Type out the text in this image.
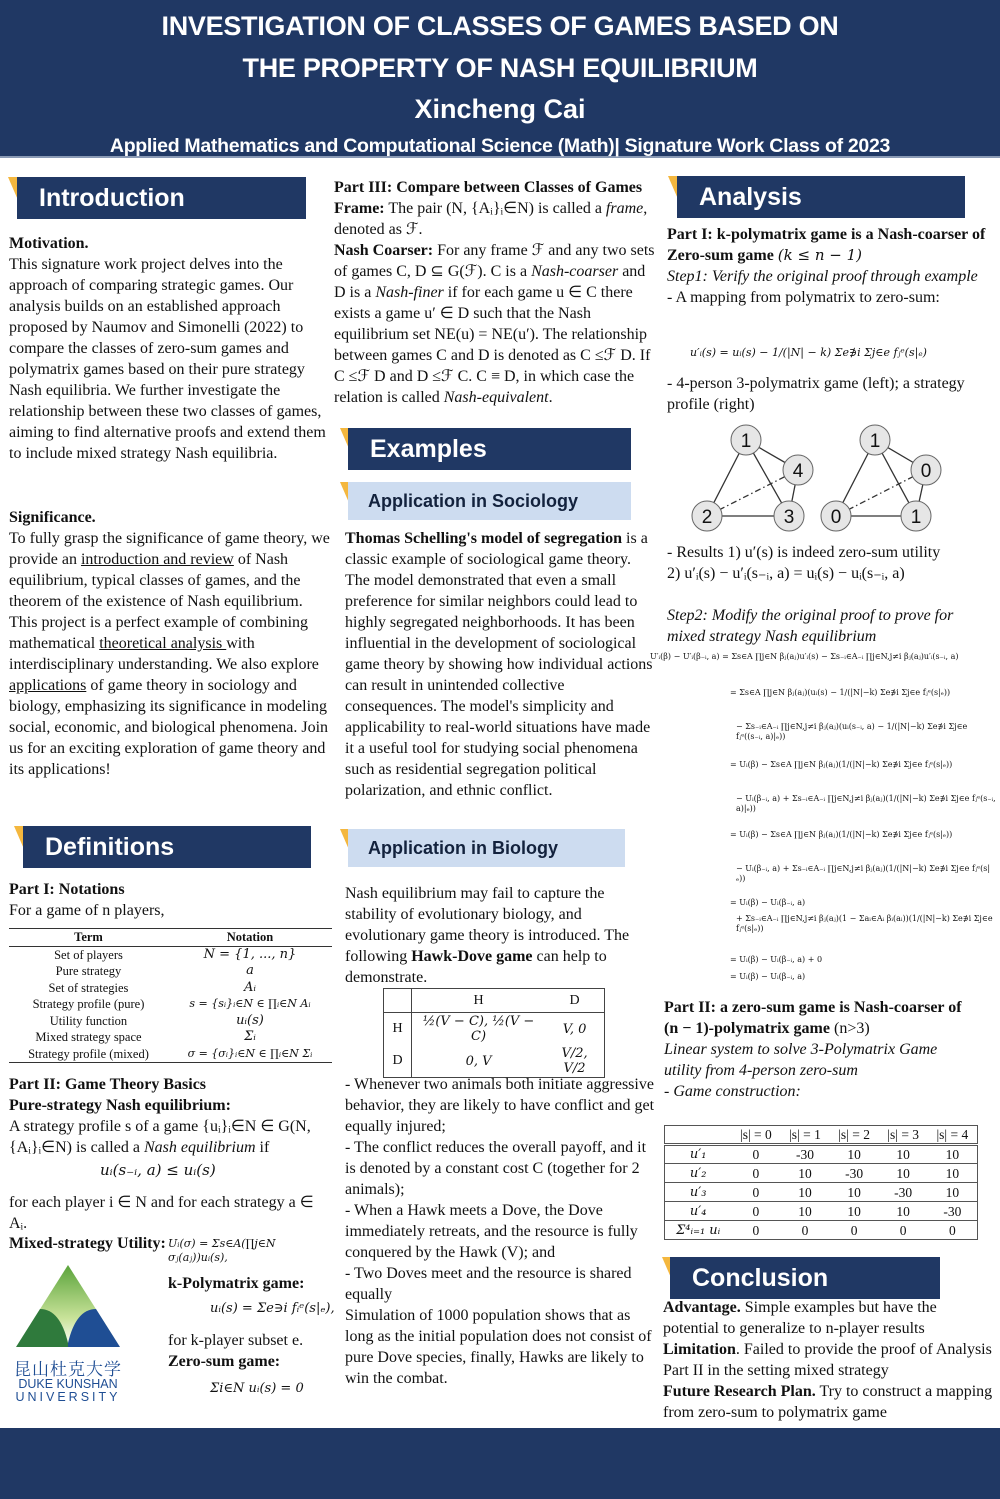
INVESTIGATION OF CLASSES OF GAMES BASED ON
THE PROPERTY OF NASH EQUILIBRIUM
Xincheng Cai
Applied Mathematics and Computational Science (Math)| Signature Work Class of 2023
Introduction
Motivation.
This signature work project delves into the approach of comparing strategic games. Our analysis builds on an established approach proposed by Naumov and Simonelli (2022) to compare the classes of zero-sum games and polymatrix games based on their pure strategy Nash equilibria. We further investigate the relationship between these two classes of games, aiming to find alternative proofs and extend them to include mixed strategy Nash equilibria.
Significance.
To fully grasp the significance of game theory, we provide an introduction and review of Nash equilibrium, typical classes of games, and the theorem of the existence of Nash equilibrium. This project is a perfect example of combining mathematical theoretical analysis with interdisciplinary understanding. We also explore applications of game theory in sociology and biology, emphasizing its significance in modeling social, economic, and biological phenomena. Join us for an exciting exploration of game theory and its applications!
Definitions
Part I: Notations
For a game of n players,
Term	Notation
Set of players	N = {1, ..., n}
Pure strategy	a
Set of strategies	Aᵢ
Strategy profile (pure)	s = {sᵢ}ᵢ∈N ∈ ∏ᵢ∈N Aᵢ
Utility function	uᵢ(s)
Mixed strategy space	Σᵢ
Strategy profile (mixed)	σ = {σᵢ}ᵢ∈N ∈ ∏ᵢ∈N Σᵢ
Part II: Game Theory Basics
Pure-strategy Nash equilibrium:
A strategy profile s of a game {uᵢ}ᵢ∈N ∈ G(N,{Aᵢ}ᵢ∈N) is called a Nash equilibrium if
uᵢ(s₋ᵢ, a) ≤ uᵢ(s)
for each player i ∈ N and for each strategy a ∈ Aᵢ.
Mixed-strategy Utility: Uᵢ(σ) = Σs∈A(∏j∈N σⱼ(aⱼ))uᵢ(s),
k-Polymatrix game:
uᵢ(s) = Σe∋i fᵢᵉ(s|ₑ),
for k-player subset e.
Zero-sum game:
Σi∈N uᵢ(s) = 0
昆山杜克大学
DUKE KUNSHAN
UNIVERSITY
Part III: Compare between Classes of Games
Frame: The pair (N, {Aᵢ}ᵢ∈N) is called a frame, denoted as ℱ.
Nash Coarser: For any frame ℱ and any two sets of games C, D ⊆ G(ℱ). C is a Nash-coarser and D is a Nash-finer if for each game u ∈ C there exists a game u′ ∈ D such that the Nash equilibrium set NE(u) = NE(u′). The relationship between games C and D is denoted as C ≤ℱ D. If C ≤ℱ D and D ≤ℱ C. C ≡ D, in which case the relation is called Nash-equivalent.
Examples
Application in Sociology
Thomas Schelling's model of segregation is a classic example of sociological game theory. The model demonstrated that even a small preference for similar neighbors could lead to highly segregated neighborhoods. It has been influential in the development of sociological game theory by showing how individual actions can result in unintended collective consequences. The model's simplicity and applicability to real-world situations have made it a useful tool for studying social phenomena such as residential segregation political polarization, and ethnic conflict.
Application in Biology
Nash equilibrium may fail to capture the stability of evolutionary biology, and evolutionary game theory is introduced. The following Hawk-Dove game can help to demonstrate.
	H	D
H	½(V − C), ½(V − C)	V, 0
D	0, V	V/2, V/2
- Whenever two animals both initiate aggressive behavior, they are likely to have conflict and get equally injured;
- The conflict reduces the overall payoff, and it is denoted by a constant cost C (together for 2 animals);
- When a Hawk meets a Dove, the Dove immediately retreats, and the resource is fully conquered by the Hawk (V); and
- Two Doves meet and the resource is shared equally
Simulation of 1000 population shows that as long as the initial population does not consist of pure Dove species, finally, Hawks are likely to win the combat.
Analysis
Part I: k-polymatrix game is a Nash-coarser of Zero-sum game (k ≤ n − 1)
Step1: Verify the original proof through example
- A mapping from polymatrix to zero-sum:
u′ᵢ(s) = uᵢ(s) − 1/(|N| − k) Σe∌i Σj∈e fⱼᵉ(s|ₑ)
- 4-person 3-polymatrix game (left); a strategy profile (right)
1
4
2	3
1
0
0	1
- Results 1) u′(s) is indeed zero-sum utility
2) u′ᵢ(s) − u′ᵢ(s₋ᵢ, a) = uᵢ(s) − uᵢ(s₋ᵢ, a)
Step2: Modify the original proof to prove for mixed strategy Nash equilibrium
U′ᵢ(β) − U′ᵢ(β₋ᵢ, a) = Σs∈A ∏j∈N βⱼ(aⱼ)u′ᵢ(s) − Σs₋ᵢ∈A₋ᵢ ∏j∈N,j≠i βⱼ(aⱼ)u′ᵢ(s₋ᵢ, a)
= Σs∈A ∏j∈N βⱼ(aⱼ)(uᵢ(s) − 1/(|N|−k) Σe∌i Σj∈e fⱼᵉ(s|ₑ))
− Σs₋ᵢ∈A₋ᵢ ∏j∈N,j≠i βⱼ(aⱼ)(uᵢ(s₋ᵢ, a) − 1/(|N|−k) Σe∌i Σj∈e fⱼᵉ((s₋ᵢ, a)|ₑ))
= Uᵢ(β) − Σs∈A ∏j∈N βⱼ(aⱼ)(1/(|N|−k) Σe∌i Σj∈e fⱼᵉ(s|ₑ))
− Uᵢ(β₋ᵢ, a) + Σs₋ᵢ∈A₋ᵢ ∏j∈N,j≠i βⱼ(aⱼ)(1/(|N|−k) Σe∌i Σj∈e fⱼᵉ(s₋ᵢ, a)|ₑ))
= Uᵢ(β) − Σs∈A ∏j∈N βⱼ(aⱼ)(1/(|N|−k) Σe∌i Σj∈e fⱼᵉ(s|ₑ))
− Uᵢ(β₋ᵢ, a) + Σs₋ᵢ∈A₋ᵢ ∏j∈N,j≠i βⱼ(aⱼ)(1/(|N|−k) Σe∌i Σj∈e fⱼᵉ(s|ₑ))
= Uᵢ(β) − Uᵢ(β₋ᵢ, a)
+ Σs₋ᵢ∈A₋ᵢ ∏j∈N,j≠i βⱼ(aⱼ)(1 − Σaᵢ∈Aᵢ βᵢ(aᵢ))(1/(|N|−k) Σe∌i Σj∈e fⱼᵉ(s|ₑ))
= Uᵢ(β) − Uᵢ(β₋ᵢ, a) + 0
= Uᵢ(β) − Uᵢ(β₋ᵢ, a)
Part II: a zero-sum game is Nash-coarser of (n − 1)-polymatrix game (n>3)
Linear system to solve 3-Polymatrix Game utility from 4-person zero-sum
- Game construction:
	|s| = 0	|s| = 1	|s| = 2	|s| = 3	|s| = 4
u′₁	0	-30	10	10	10
u′₂	0	10	-30	10	10
u′₃	0	10	10	-30	10
u′₄	0	10	10	10	-30
Σ⁴ᵢ₌₁ uᵢ	0	0	0	0	0
Conclusion
Advantage. Simple examples but have the potential to generalize to n-player results
Limitation. Failed to provide the proof of Analysis Part II in the setting mixed strategy
Future Research Plan. Try to construct a mapping from zero-sum to polymatrix game
